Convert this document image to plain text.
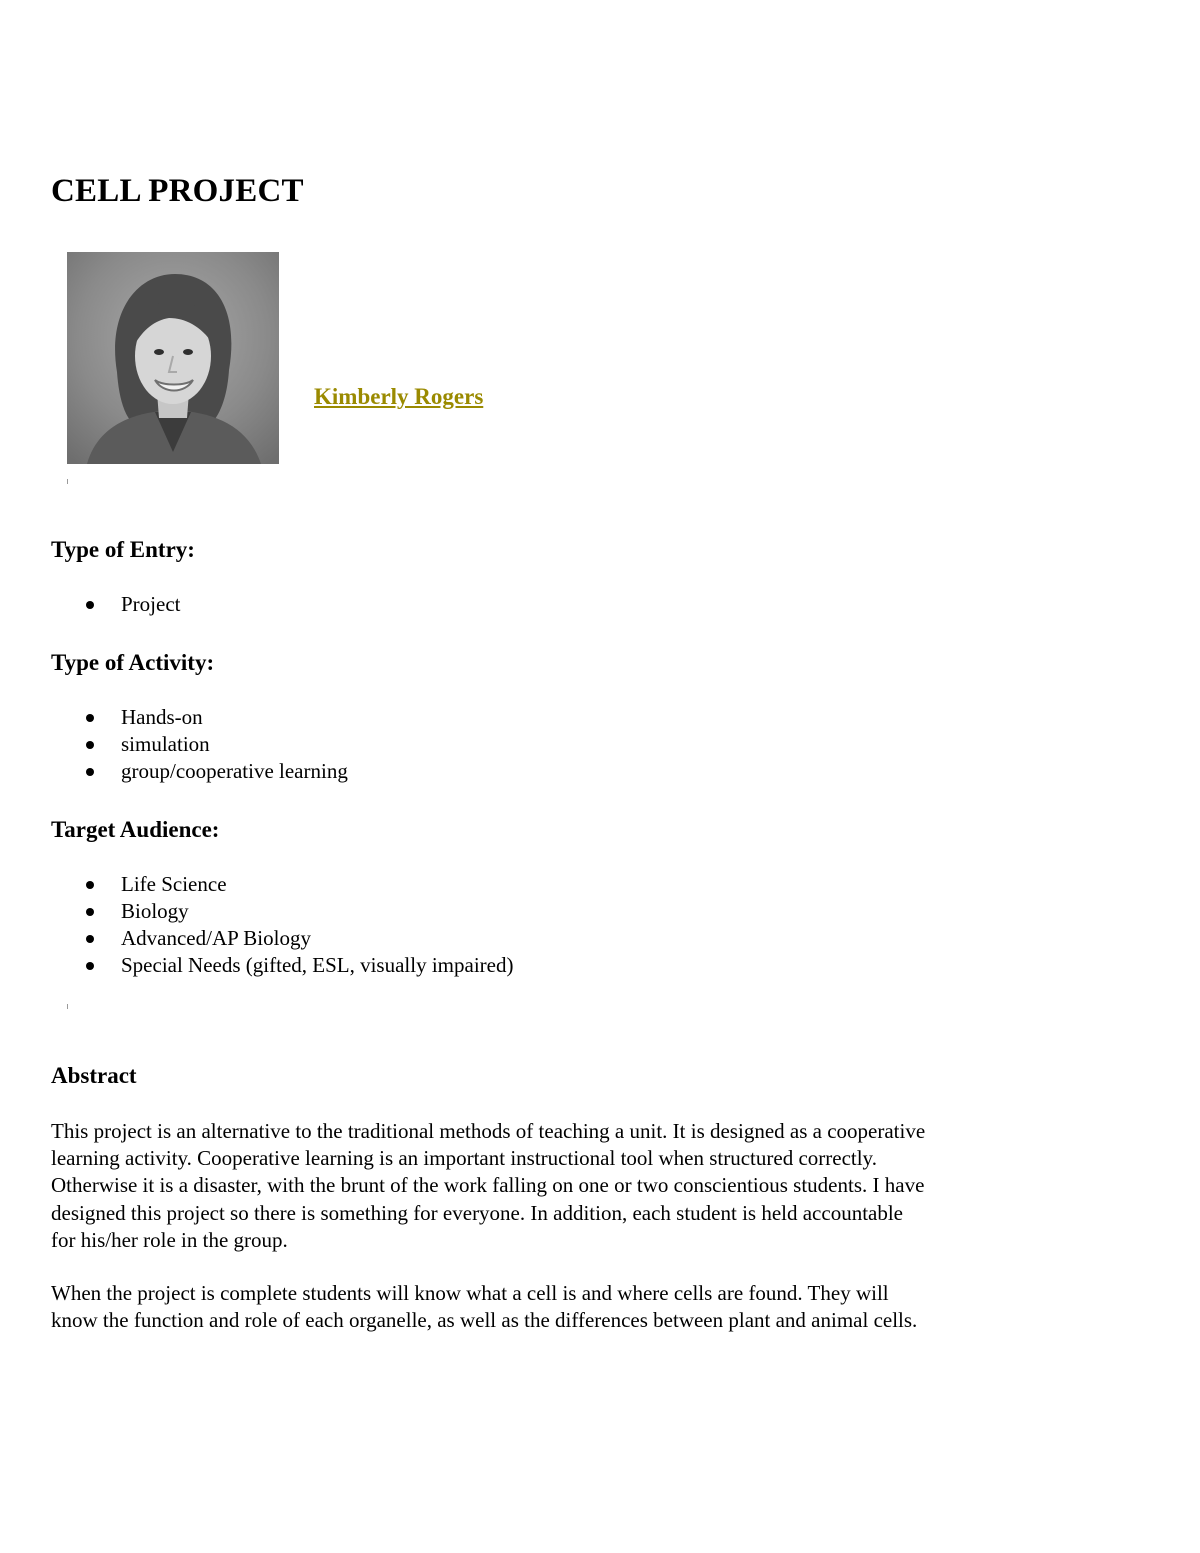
CELL PROJECT
Kimberly Rogers
Type of Entry:
Project
Type of Activity:
Hands-on
simulation
group/cooperative learning
Target Audience:
Life Science
Biology
Advanced/AP Biology
Special Needs (gifted, ESL, visually impaired)
Abstract

This project is an alternative to the traditional methods of teaching a unit. It is designed as a cooperative learning activity. Cooperative learning is an important instructional tool when structured correctly. Otherwise it is a disaster, with the brunt of the work falling on one or two conscientious students. I have designed this project so there is something for everyone. In addition, each student is held accountable for his/her role in the group.

When the project is complete students will know what a cell is and where cells are found. They will know the function and role of each organelle, as well as the differences between plant and animal cells.
